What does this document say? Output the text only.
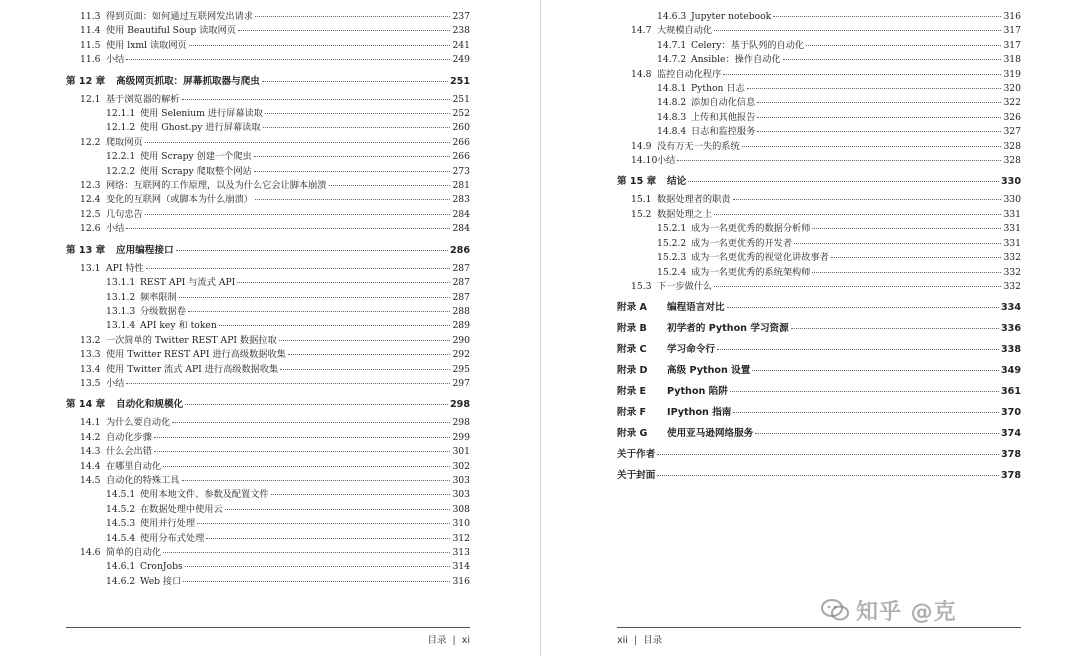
11.3 得到页面：如何通过互联网发出请求	237
11.4 使用 Beautiful Soup 读取网页	238
11.5 使用 lxml 读取网页	241
11.6 小结	249
第 12 章	高级网页抓取：屏幕抓取器与爬虫	251
12.1 基于浏览器的解析	251
12.1.1 使用 Selenium 进行屏幕读取	252
12.1.2 使用 Ghost.py 进行屏幕读取	260
12.2 爬取网页	266
12.2.1 使用 Scrapy 创建一个爬虫	266
12.2.2 使用 Scrapy 爬取整个网站	273
12.3 网络：互联网的工作原理，以及为什么它会让脚本崩溃	281
12.4 变化的互联网（或脚本为什么崩溃）	283
12.5 几句忠告	284
12.6 小结	284
第 13 章	应用编程接口	286
13.1 API 特性	287
13.1.1 REST API 与流式 API	287
13.1.2 频率限制	287
13.1.3 分级数据卷	288
13.1.4 API key 和 token	289
13.2 一次简单的 Twitter REST API 数据拉取	290
13.3 使用 Twitter REST API 进行高级数据收集	292
13.4 使用 Twitter 流式 API 进行高级数据收集	295
13.5 小结	297
第 14 章	自动化和规模化	298
14.1 为什么要自动化	298
14.2 自动化步骤	299
14.3 什么会出错	301
14.4 在哪里自动化	302
14.5 自动化的特殊工具	303
14.5.1 使用本地文件、参数及配置文件	303
14.5.2 在数据处理中使用云	308
14.5.3 使用并行处理	310
14.5.4 使用分布式处理	312
14.6 简单的自动化	313
14.6.1 CronJobs	314
14.6.2 Web 接口	316
14.6.3 Jupyter notebook	316
14.7 大规模自动化	317
14.7.1 Celery：基于队列的自动化	317
14.7.2 Ansible：操作自动化	318
14.8 监控自动化程序	319
14.8.1 Python 日志	320
14.8.2 添加自动化信息	322
14.8.3 上传和其他报告	326
14.8.4 日志和监控服务	327
14.9 没有万无一失的系统	328
14.10 小结	328
第 15 章	结论	330
15.1 数据处理者的职责	330
15.2 数据处理之上	331
15.2.1 成为一名更优秀的数据分析师	331
15.2.2 成为一名更优秀的开发者	331
15.2.3 成为一名更优秀的视觉化讲故事者	332
15.2.4 成为一名更优秀的系统架构师	332
15.3 下一步做什么	332
附录 A	编程语言对比	334
附录 B	初学者的 Python 学习资源	336
附录 C	学习命令行	338
附录 D	高级 Python 设置	349
附录 E	Python 陷阱	361
附录 F	IPython 指南	370
附录 G	使用亚马逊网络服务	374
关于作者	378
关于封面	378
目录 | xi	xii | 目录
知乎 @克
